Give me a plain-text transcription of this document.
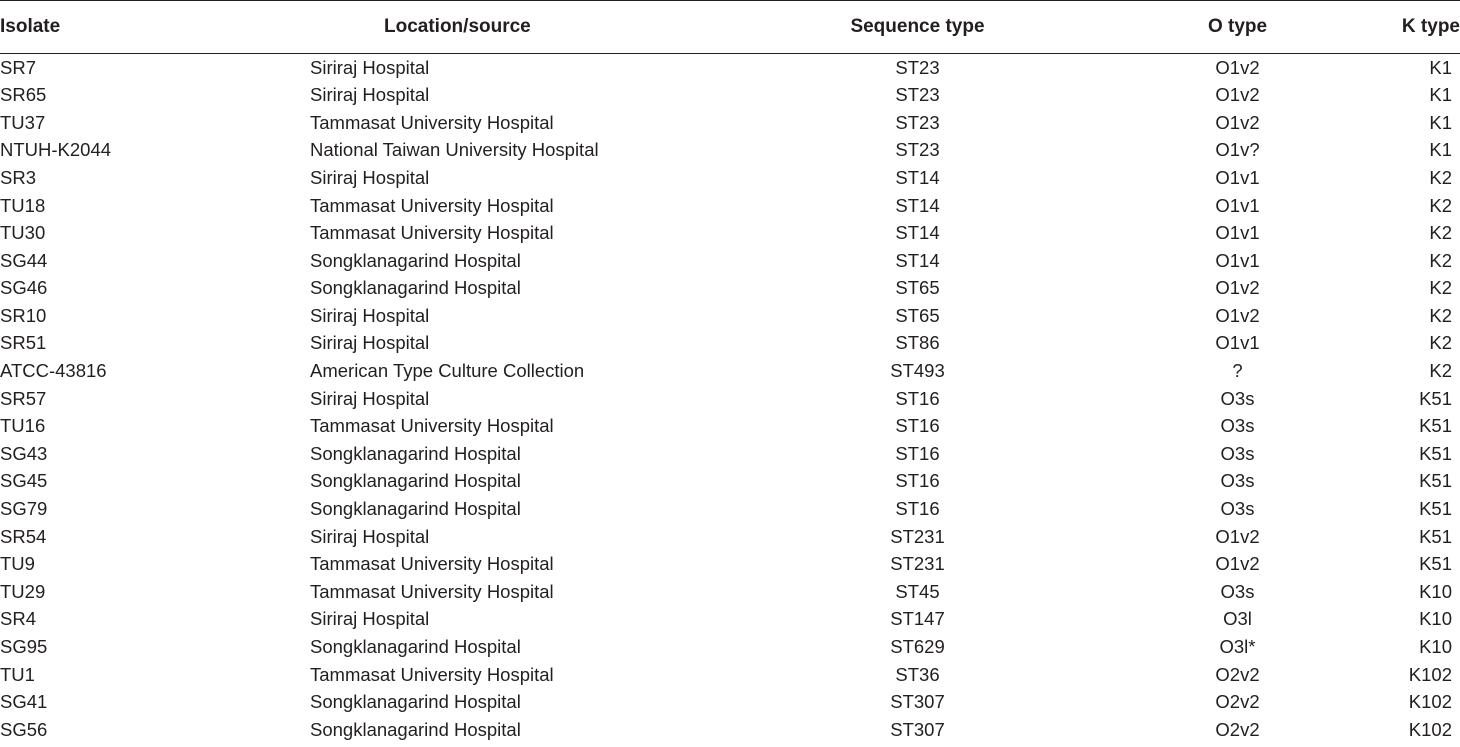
Isolate	Location/source	Sequence type	O type	K type
SR7	Siriraj Hospital	ST23	O1v2	K1
SR65	Siriraj Hospital	ST23	O1v2	K1
TU37	Tammasat University Hospital	ST23	O1v2	K1
NTUH-K2044	National Taiwan University Hospital	ST23	O1v?	K1
SR3	Siriraj Hospital	ST14	O1v1	K2
TU18	Tammasat University Hospital	ST14	O1v1	K2
TU30	Tammasat University Hospital	ST14	O1v1	K2
SG44	Songklanagarind Hospital	ST14	O1v1	K2
SG46	Songklanagarind Hospital	ST65	O1v2	K2
SR10	Siriraj Hospital	ST65	O1v2	K2
SR51	Siriraj Hospital	ST86	O1v1	K2
ATCC-43816	American Type Culture Collection	ST493	?	K2
SR57	Siriraj Hospital	ST16	O3s	K51
TU16	Tammasat University Hospital	ST16	O3s	K51
SG43	Songklanagarind Hospital	ST16	O3s	K51
SG45	Songklanagarind Hospital	ST16	O3s	K51
SG79	Songklanagarind Hospital	ST16	O3s	K51
SR54	Siriraj Hospital	ST231	O1v2	K51
TU9	Tammasat University Hospital	ST231	O1v2	K51
TU29	Tammasat University Hospital	ST45	O3s	K10
SR4	Siriraj Hospital	ST147	O3l	K10
SG95	Songklanagarind Hospital	ST629	O3l*	K10
TU1	Tammasat University Hospital	ST36	O2v2	K102
SG41	Songklanagarind Hospital	ST307	O2v2	K102
SG56	Songklanagarind Hospital	ST307	O2v2	K102
